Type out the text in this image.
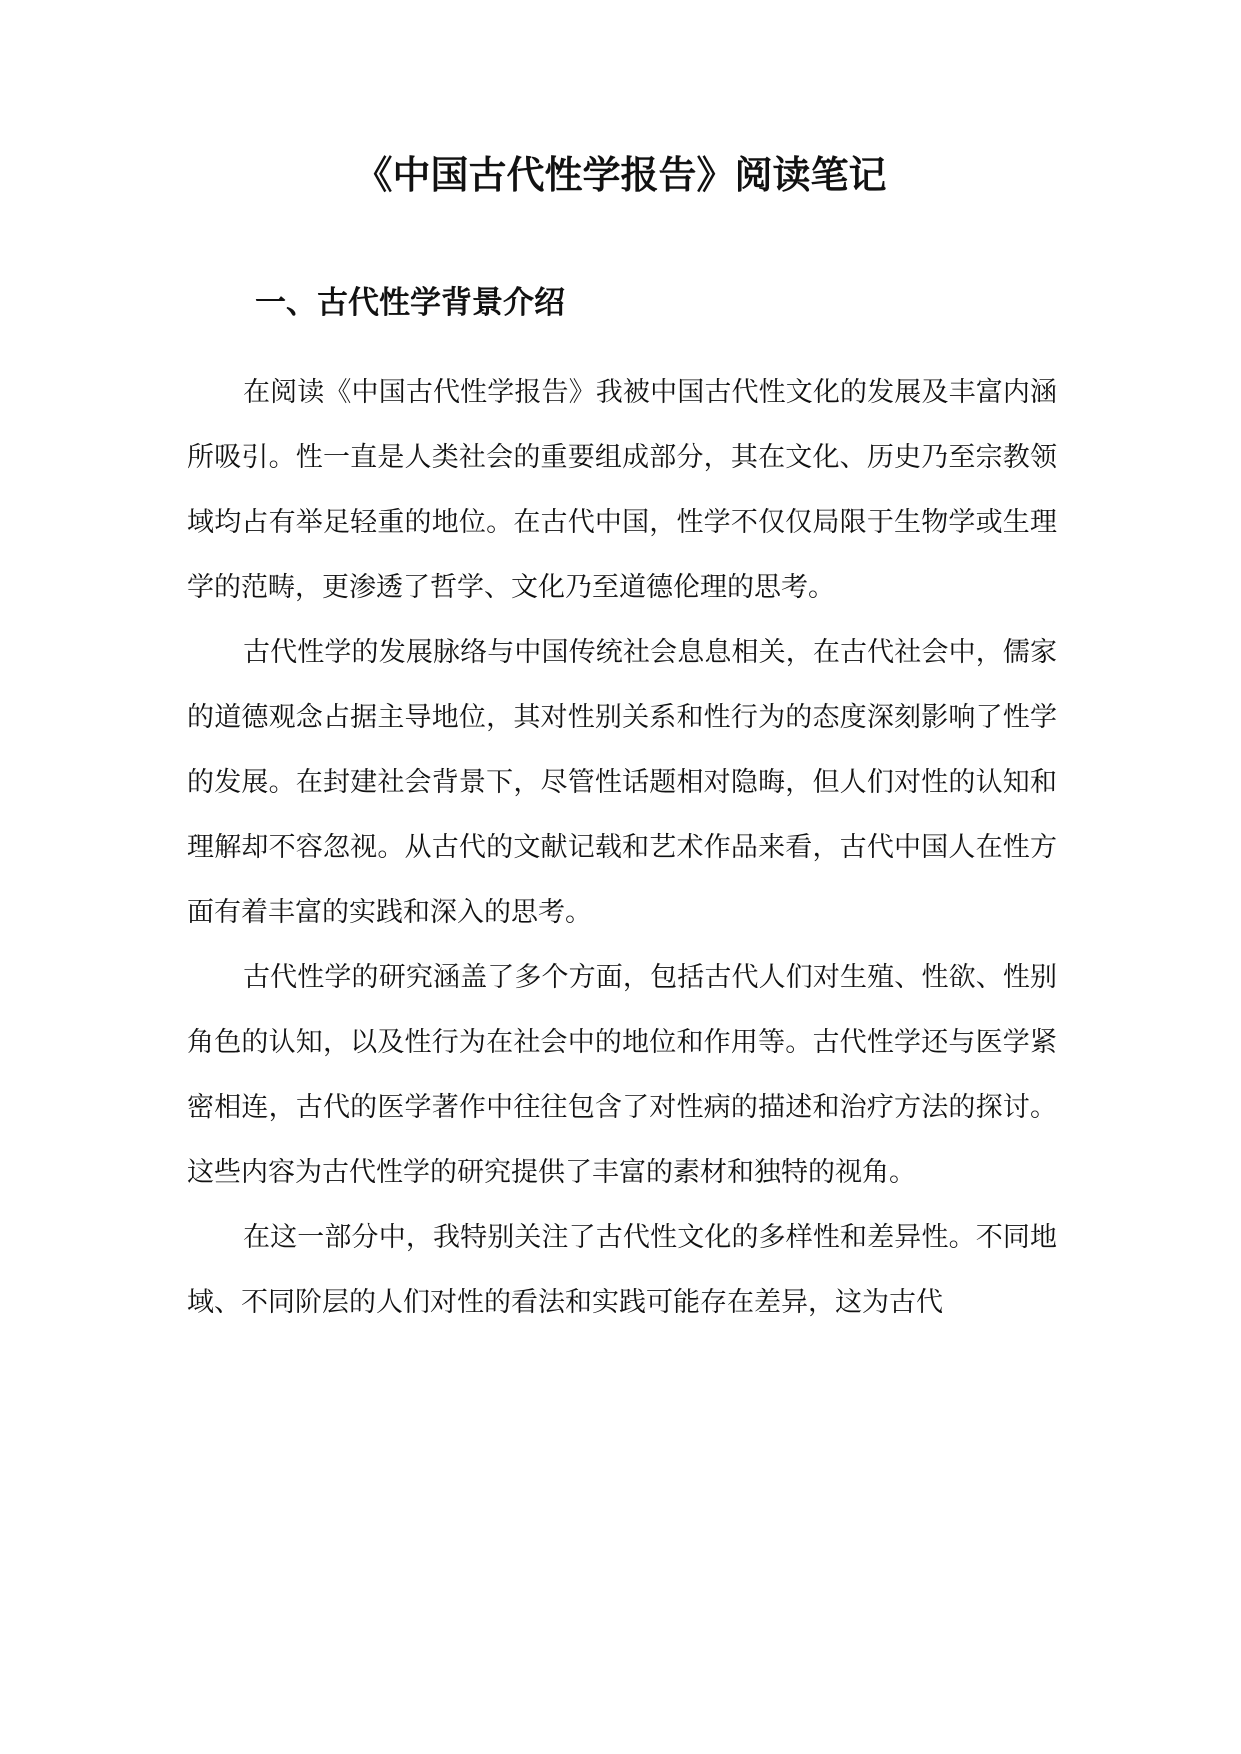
《中国古代性学报告》阅读笔记
一、古代性学背景介绍

在阅读《中国古代性学报告》我被中国古代性文化的发展及丰富内涵所吸引。性一直是人类社会的重要组成部分，其在文化、历史乃至宗教领域均占有举足轻重的地位。在古代中国，性学不仅仅局限于生物学或生理学的范畴，更渗透了哲学、文化乃至道德伦理的思考。

古代性学的发展脉络与中国传统社会息息相关，在古代社会中，儒家的道德观念占据主导地位，其对性别关系和性行为的态度深刻影响了性学的发展。在封建社会背景下，尽管性话题相对隐晦，但人们对性的认知和理解却不容忽视。从古代的文献记载和艺术作品来看，古代中国人在性方面有着丰富的实践和深入的思考。

古代性学的研究涵盖了多个方面，包括古代人们对生殖、性欲、性别角色的认知，以及性行为在社会中的地位和作用等。古代性学还与医学紧密相连，古代的医学著作中往往包含了对性病的描述和治疗方法的探讨。这些内容为古代性学的研究提供了丰富的素材和独特的视角。

在这一部分中，我特别关注了古代性文化的多样性和差异性。不同地域、不同阶层的人们对性的看法和实践可能存在差异，这为古代
